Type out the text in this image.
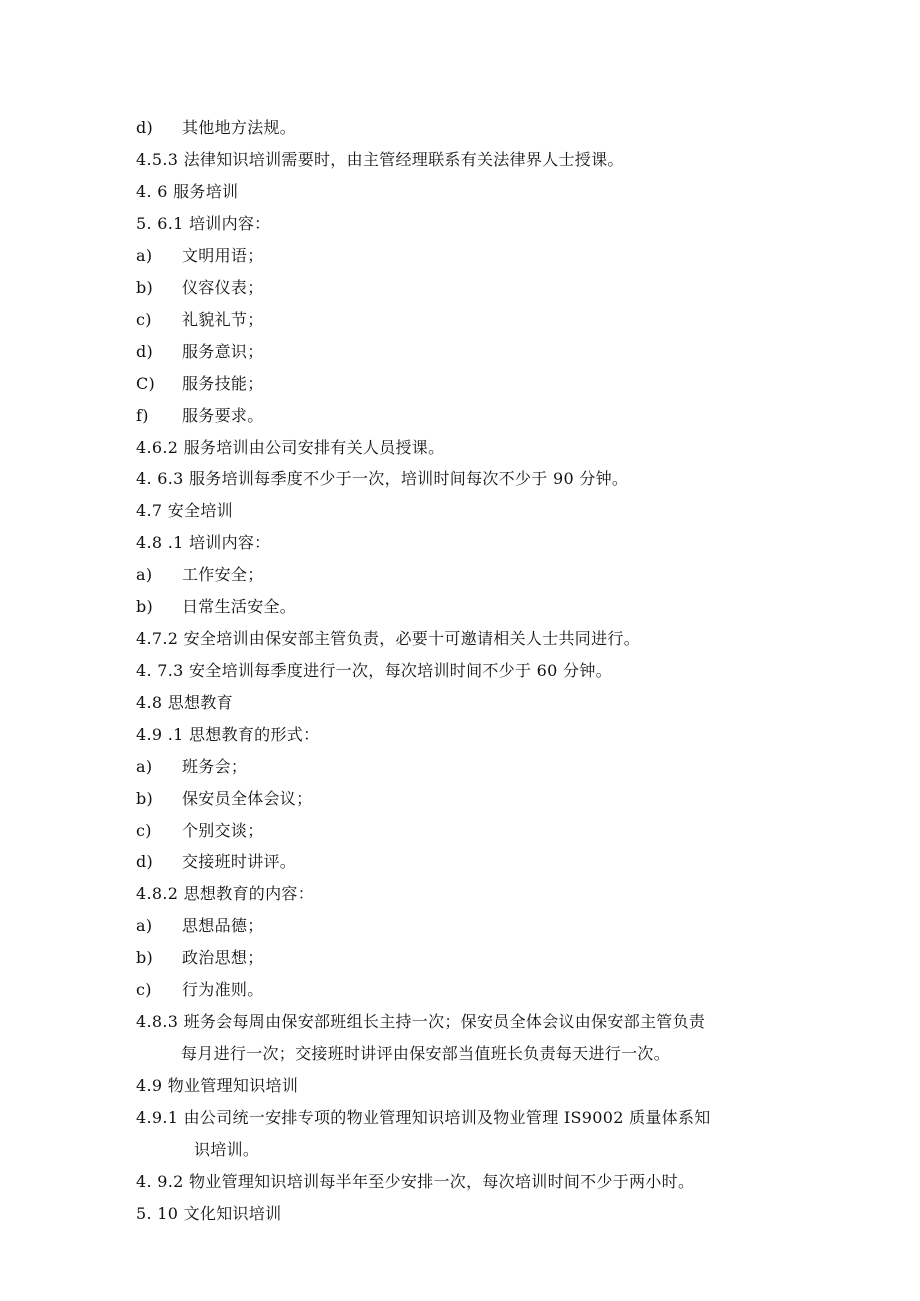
d)	其他地方法规。
4.5.3 法律知识培训需要时，由主管经理联系有关法律界人士授课。
4. 6 服务培训
5. 6.1 培训内容：
a)	文明用语；
b)	仪容仪表；
c)	礼貌礼节；
d)	服务意识；
C)	服务技能；
f)	服务要求。
4.6.2 服务培训由公司安排有关人员授课。
4. 6.3 服务培训每季度不少于一次，培训时间每次不少于 90 分钟。
4.7 安全培训
4.8 .1 培训内容：
a)	工作安全；
b)	日常生活安全。
4.7.2 安全培训由保安部主管负责，必要十可邀请相关人士共同进行。
4. 7.3 安全培训每季度进行一次，每次培训时间不少于 60 分钟。
4.8 思想教育
4.9 .1 思想教育的形式：
a)	班务会；
b)	保安员全体会议；
c)	个别交谈；
d)	交接班时讲评。
4.8.2 思想教育的内容：
a)	思想品德；
b)	政治思想；
c)	行为准则。
4.8.3 班务会每周由保安部班组长主持一次；保安员全体会议由保安部主管负责
每月进行一次；交接班时讲评由保安部当值班长负责每天进行一次。
4.9 物业管理知识培训
4.9.1 由公司统一安排专项的物业管理知识培训及物业管理 IS9002 质量体系知
识培训。
4. 9.2 物业管理知识培训每半年至少安排一次，每次培训时间不少于两小时。
5. 10 文化知识培训
